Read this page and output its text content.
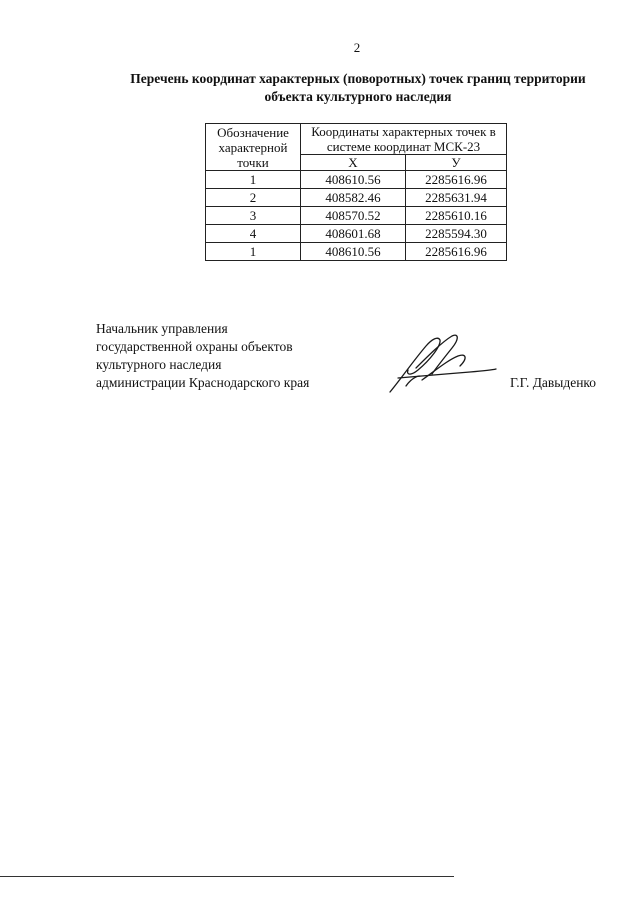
2
Перечень координат характерных (поворотных) точек границ территории
объекта культурного наследия
Обозначение характерной точки	Координаты характерных точек в системе координат МСК-23	
	Х	У
1	408610.56	2285616.96
2	408582.46	2285631.94
3	408570.52	2285610.16
4	408601.68	2285594.30
1	408610.56	2285616.96
Начальник управления
государственной охраны объектов
культурного наследия
администрации Краснодарского края	Г.Г. Давыденко
